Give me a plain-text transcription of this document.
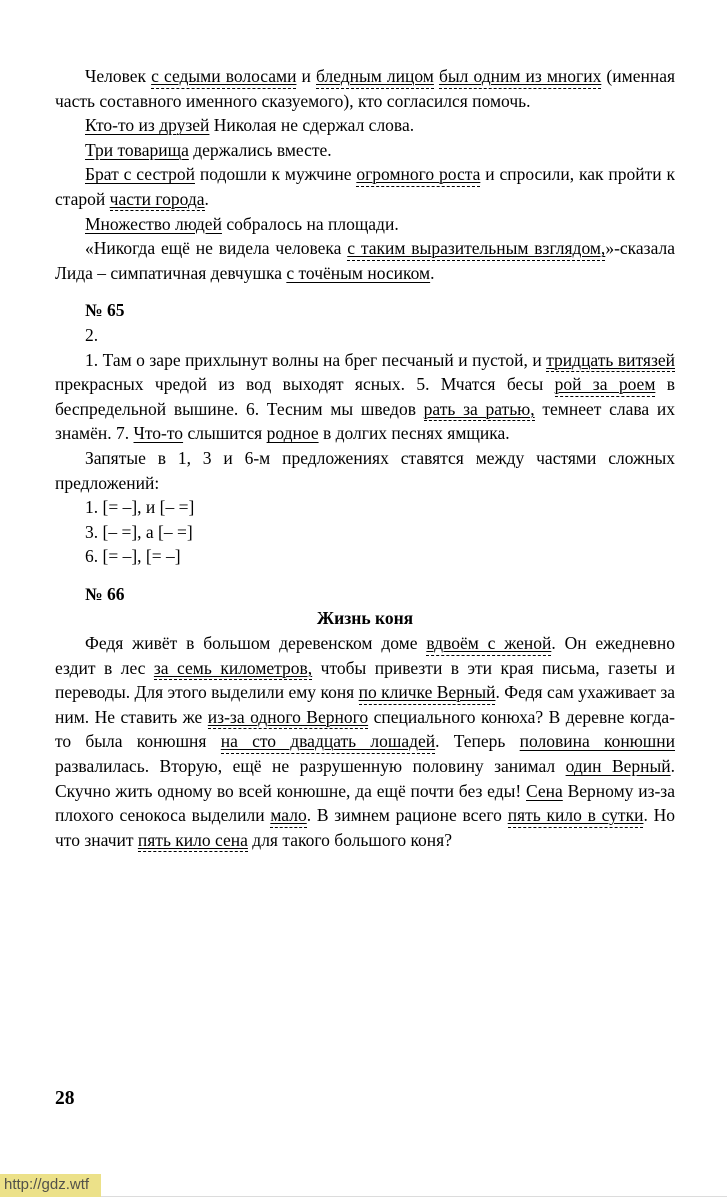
Человек с седыми волосами и бледным лицом был одним из многих (именная часть составного именного сказуемого), кто согласился помочь.

Кто-то из друзей Николая не сдержал слова.

Три товарища держались вместе.

Брат с сестрой подошли к мужчине огромного роста и спросили, как пройти к старой части города.

Множество людей собралось на площади.

«Никогда ещё не видела человека с таким выразительным взглядом,»-сказала Лида – симпатичная девчушка с точёным носиком.

№ 65

2.

1. Там о заре прихлынут волны на брег песчаный и пустой, и тридцать витязей прекрасных чредой из вод выходят ясных. 5. Мчатся бесы рой за роем в беспредельной вышине. 6. Тесним мы шведов рать за ратью, темнеет слава их знамён. 7. Что-то слышится родное в долгих песнях ямщика.

Запятые в 1, 3 и 6-м предложениях ставятся между частями сложных предложений:

1. [= –], и [– =]

3. [– =], а [– =]

6. [= –], [= –]

№ 66

Жизнь коня

Федя живёт в большом деревенском доме вдвоём с женой. Он ежедневно ездит в лес за семь километров, чтобы привезти в эти края письма, газеты и переводы. Для этого выделили ему коня по кличке Верный. Федя сам ухаживает за ним. Не ставить же из-за одного Верного специального конюха? В деревне когда-то была конюшня на сто двадцать лошадей. Теперь половина конюшни развалилась. Вторую, ещё не разрушенную половину занимал один Верный. Скучно жить одному во всей конюшне, да ещё почти без еды! Сена Верному из-за плохого сенокоса выделили мало. В зимнем рационе всего пять кило в сутки. Но что значит пять кило сена для такого большого коня?

28
http://gdz.wtf
